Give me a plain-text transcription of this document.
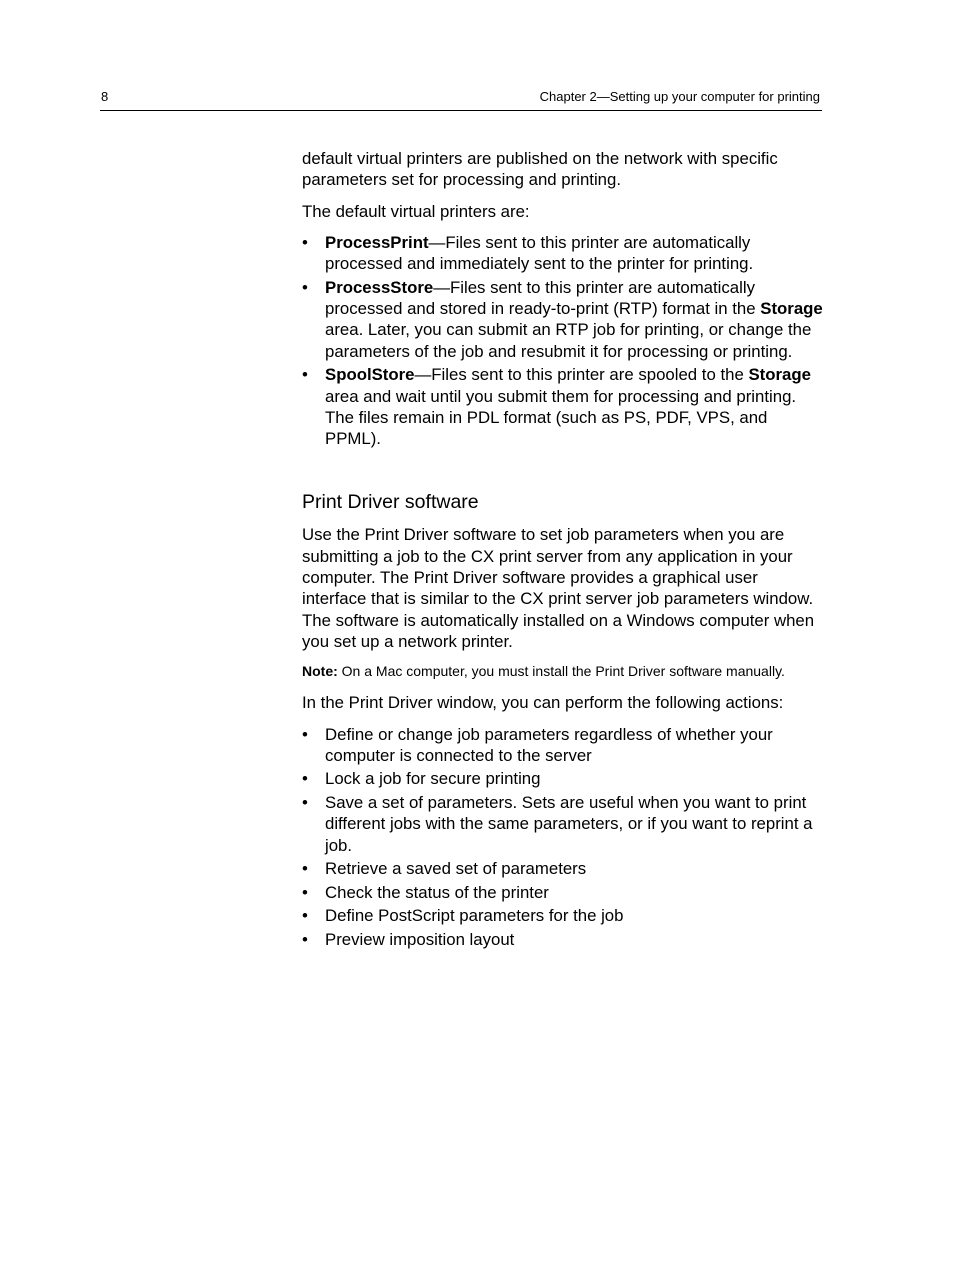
8	Chapter 2—Setting up your computer for printing

default virtual printers are published on the network with specific parameters set for processing and printing.

The default virtual printers are:

• ProcessPrint—Files sent to this printer are automatically processed and immediately sent to the printer for printing.
• ProcessStore—Files sent to this printer are automatically processed and stored in ready-to-print (RTP) format in the Storage area. Later, you can submit an RTP job for printing, or change the parameters of the job and resubmit it for processing or printing.
• SpoolStore—Files sent to this printer are spooled to the Storage area and wait until you submit them for processing and printing. The files remain in PDL format (such as PS, PDF, VPS, and PPML).
Print Driver software

Use the Print Driver software to set job parameters when you are submitting a job to the CX print server from any application in your computer. The Print Driver software provides a graphical user interface that is similar to the CX print server job parameters window. The software is automatically installed on a Windows computer when you set up a network printer.

Note: On a Mac computer, you must install the Print Driver software manually.

In the Print Driver window, you can perform the following actions:

• Define or change job parameters regardless of whether your computer is connected to the server
• Lock a job for secure printing
• Save a set of parameters. Sets are useful when you want to print different jobs with the same parameters, or if you want to reprint a job.
• Retrieve a saved set of parameters
• Check the status of the printer
• Define PostScript parameters for the job
• Preview imposition layout
